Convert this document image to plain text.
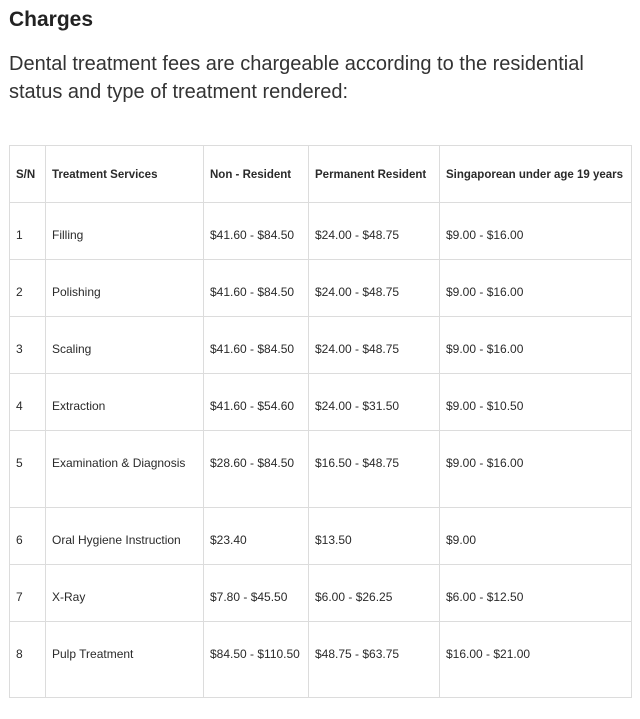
Charges

Dental treatment fees are chargeable according to the residential status and type of treatment rendered:

S/N	Treatment Services	Non - Resident	Permanent Resident	Singaporean under age 19 years
1	Filling	$41.60 - $84.50	$24.00 - $48.75	$9.00 - $16.00
2	Polishing	$41.60 - $84.50	$24.00 - $48.75	$9.00 - $16.00
3	Scaling	$41.60 - $84.50	$24.00 - $48.75	$9.00 - $16.00
4	Extraction	$41.60 - $54.60	$24.00 - $31.50	$9.00 - $10.50
5	Examination & Diagnosis	$28.60 - $84.50	$16.50 - $48.75	$9.00 - $16.00
6	Oral Hygiene Instruction	$23.40	$13.50	$9.00
7	X-Ray	$7.80 - $45.50	$6.00 - $26.25	$6.00 - $12.50
8	Pulp Treatment	$84.50 - $110.50	$48.75 - $63.75	$16.00 - $21.00
